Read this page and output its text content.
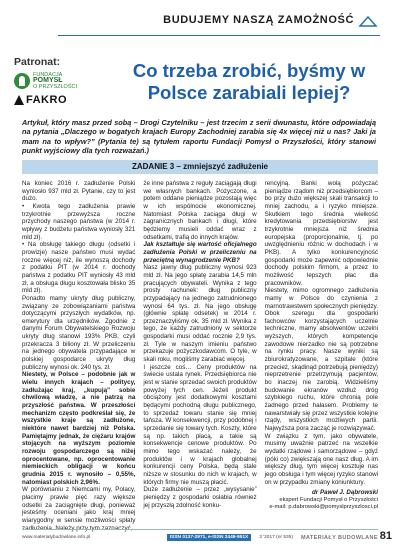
BUDUJEMY NASZĄ ZAMOŻNOŚĆ
Patronat:
FUNDACJA
POMYSŁ
O PRZYSZŁOŚCI
FAKRO
Co trzeba zrobić, byśmy w Polsce zarabiali lepiej?

Artykuł, który masz przed sobą – Drogi Czytelniku – jest trzecim z serii dwunastu, które odpowiadają na pytania „Dlaczego w bogatych krajach Europy Zachodniej zarabia się 4x więcej niż u nas? Jaki ja mam na to wpływ?” (Pytania te) są tytułem raportu Fundacji Pomysł o Przyszłości, który stanowi punkt wyjściowy dla tych rozważań.)

ZADANIE 3 – zmniejszyć zadłużenie

Na koniec 2016 r. zadłużenie Polski wyniosło 937 mld zł. Pytanie, czy to jest dużo.

• Kwota tego zadłużenia prawie trzykrotnie przewyższa roczne przychody naszego państwa (w 2014 r. wpływy z budżetu państwa wyniosły 321 mld zł).

• Na obsługę takiego długu (odsetki i prowizje) nasze państwo musi wydać roczne więcej niż, ile wynoszą dochody z podatku PIT (w 2014 r. dochody państwa z podatku PIT wyniosły 43 mld zł, a obsługa długu kosztowała blisko 35 mld zł).

Ponadto mamy ukryty dług publiczny, związany ze zobowiązaniami państwa dotyczącymi przyszłych wydatków, np. emerytury dla urzędników. Zgodnie z danymi Forum Obywatelskiego Rozwoju ukryty dług stanowi 193% PKB, czyli przekracza 3 biliony zł. W przeliczeniu na jednego obywatela przypadające w polskiej gospodarce ukryty dług publiczny wynosi ok. 240 tys. zł.

Niestety, w Polsce – podobnie jak w wielu innych krajach – politycy, zadłużając kraj, „kupują” sobie chwilową władzę, a nie patrzą na przyszłość państwa. W przeszłości mechanizm często podkreślał się, że wszystkie kraje są zadłużone, niektóre nawet bardziej niż Polska. Pamiętajmy jednak, że ciężaru krajów stojących na wyższym poziomie rozwoju gospodarczego są niżej oprocentowane, np. oprocentowanie niemieckich obligacji w końcu grudnia 2015 r. wynosiło – 0,55%, natomiast polskich 2,96%.

W porównaniu z Niemcami my, Polacy, płacimy prawie pięć razy większe odsetki za zaciągnięte długi, ponieważ jesteśmy oceniani jako kraj mniej wiarygodny w sensie możliwości spłaty zadłużenia. Należy przy tym zaznaczyć,

że inne państwa z reguły zaciągają długi we własnych bankach. Pożyczone, a potem oddane pieniądze pozostają więc w ich wspólnocie ekonomicznej. Natomiast Polska zaciąga długi w zagranicznych bankach i długi, które będziemy musieli oddać wraz z odsetkami, trafią do innych krajów.

Jak kształtuje się wartość oficjalnego zadłużenia Polski w przeliczeniu na przeciętną wynagrodzenie PKB?

Nasz jawny dług publiczny wynosi 923 mld zł. Na jego spłatę zarabia 14,5 mln pracujących obywateli. Wynika z tego prosty rachunek: dług publiczny przypadający na jednego zatrudnionego wynosi 64 tys. zł. Na jego obsługę (głównie spłatę odsetek) w 2014 r. przeznaczyliśmy ok. 35 mld zł. Wynika z tego, że każdy zatrudniony w sektorze gospodarki musi oddać rocznie 2,9 tys. zł. Tyle w naszym imieniu państwo przekazuje pożyczkodawcom. O tyle, w skali roku, mogliśmy zarabiać więcej.

I jeszcze coś… Ceny produktów na świecie ustala rynek. Przedsiębiorca nie jest w stanie sprzedać swoich produktów powyżej tych cen. Jeżeli produkt obciążony jest dodatkowymi kosztami będącymi pochodną długu publicznego, to sprzedaż towaru stanie się mniej tańsza. W konsekwencji, przy podobnej i sprzedanie się towary tych. Koszty, które są np. takich płacą, a takie są konsekwencje cenowe produktów. Po mimo tego wskazać należy, że produktów i w krajach globalnej konkurencji ceny Polska, będą stale niższe w stosunku do nich w krajach, w których firmy nie muszą płacić.

Duże zadłużenie – przez „wysysanie” pieniędzy z gospodarki osłabia również jej przyszłą zdolność konku-

rencyjną. Banki wolą pożyczać pieniądze rządom niż przedsiębiorcom – bo przy dużo większej skali transakcji to mniej zachodu, a i ryzyko mniejsze. Skutkiem tego średnia wielkość kredytowania przedsiębiorstw jest trzykrotnie mniejsza niż średnia europejska (proporcjonalnie, tj. po uwzględnieniu różnic w dochodach i w PKB). A tylko konkurencyjność gospodarki może zapewnić odpowiednie dochody polskim firmom, a przez to możliwość lepszych płac dla pracowników.

Niestety, mimo ogromnego zadłużenia mamy w Polsce do czynienia z marnotrawstwem społecznych pieniędzy. Obok szeregu dla gospodarki fachowców korzystających uczelnie techniczne, mamy absolwentów uczelni wyższych, których kompetencje zawodowe nierzadko nie są potrzebne na rynku pracy. Nasze wyniki są zbiurokratyzowane, a szpitale (które przecież, skądinąd potrzebują pieniędzy) nieprzetrenie przetrzymują pacjentów, bo inaczej nie zarobią. Widzieliśmy budowanie ekranów wzdłuż dróg szybkiego ruchu, które chronią pole żadnego przed hałasem. Problemy te nawarstwiały się przez wszystkie kolejne rządy, wszystkich możliwych partii. Najwyższa pora zacząć je rozwiązywać.

W związku z tym, jako obywatele, musimy uważnie patrzeć na wszelkie wydatki rządowe i samorządowe – gdyż (póki co) zwiększają one nasz dług. A im większy dług, tym więcej kosztuje nas jego obsługa i tym więcej ryzyko stanowi on w przypadku zmiany koniunktury.

dr Paweł J. Dąbrowski
ekspert Fundacji Pomysł o Przyszłości
e-mail: p.dabrowski@pomyslprzyszlosci.pl
www.materialybudowlane.info.pl	ISSN 0137-2971, e-ISSN 2449-951X	3 '2017 (nr 535) MATERIAŁY BUDOWLANE 81
